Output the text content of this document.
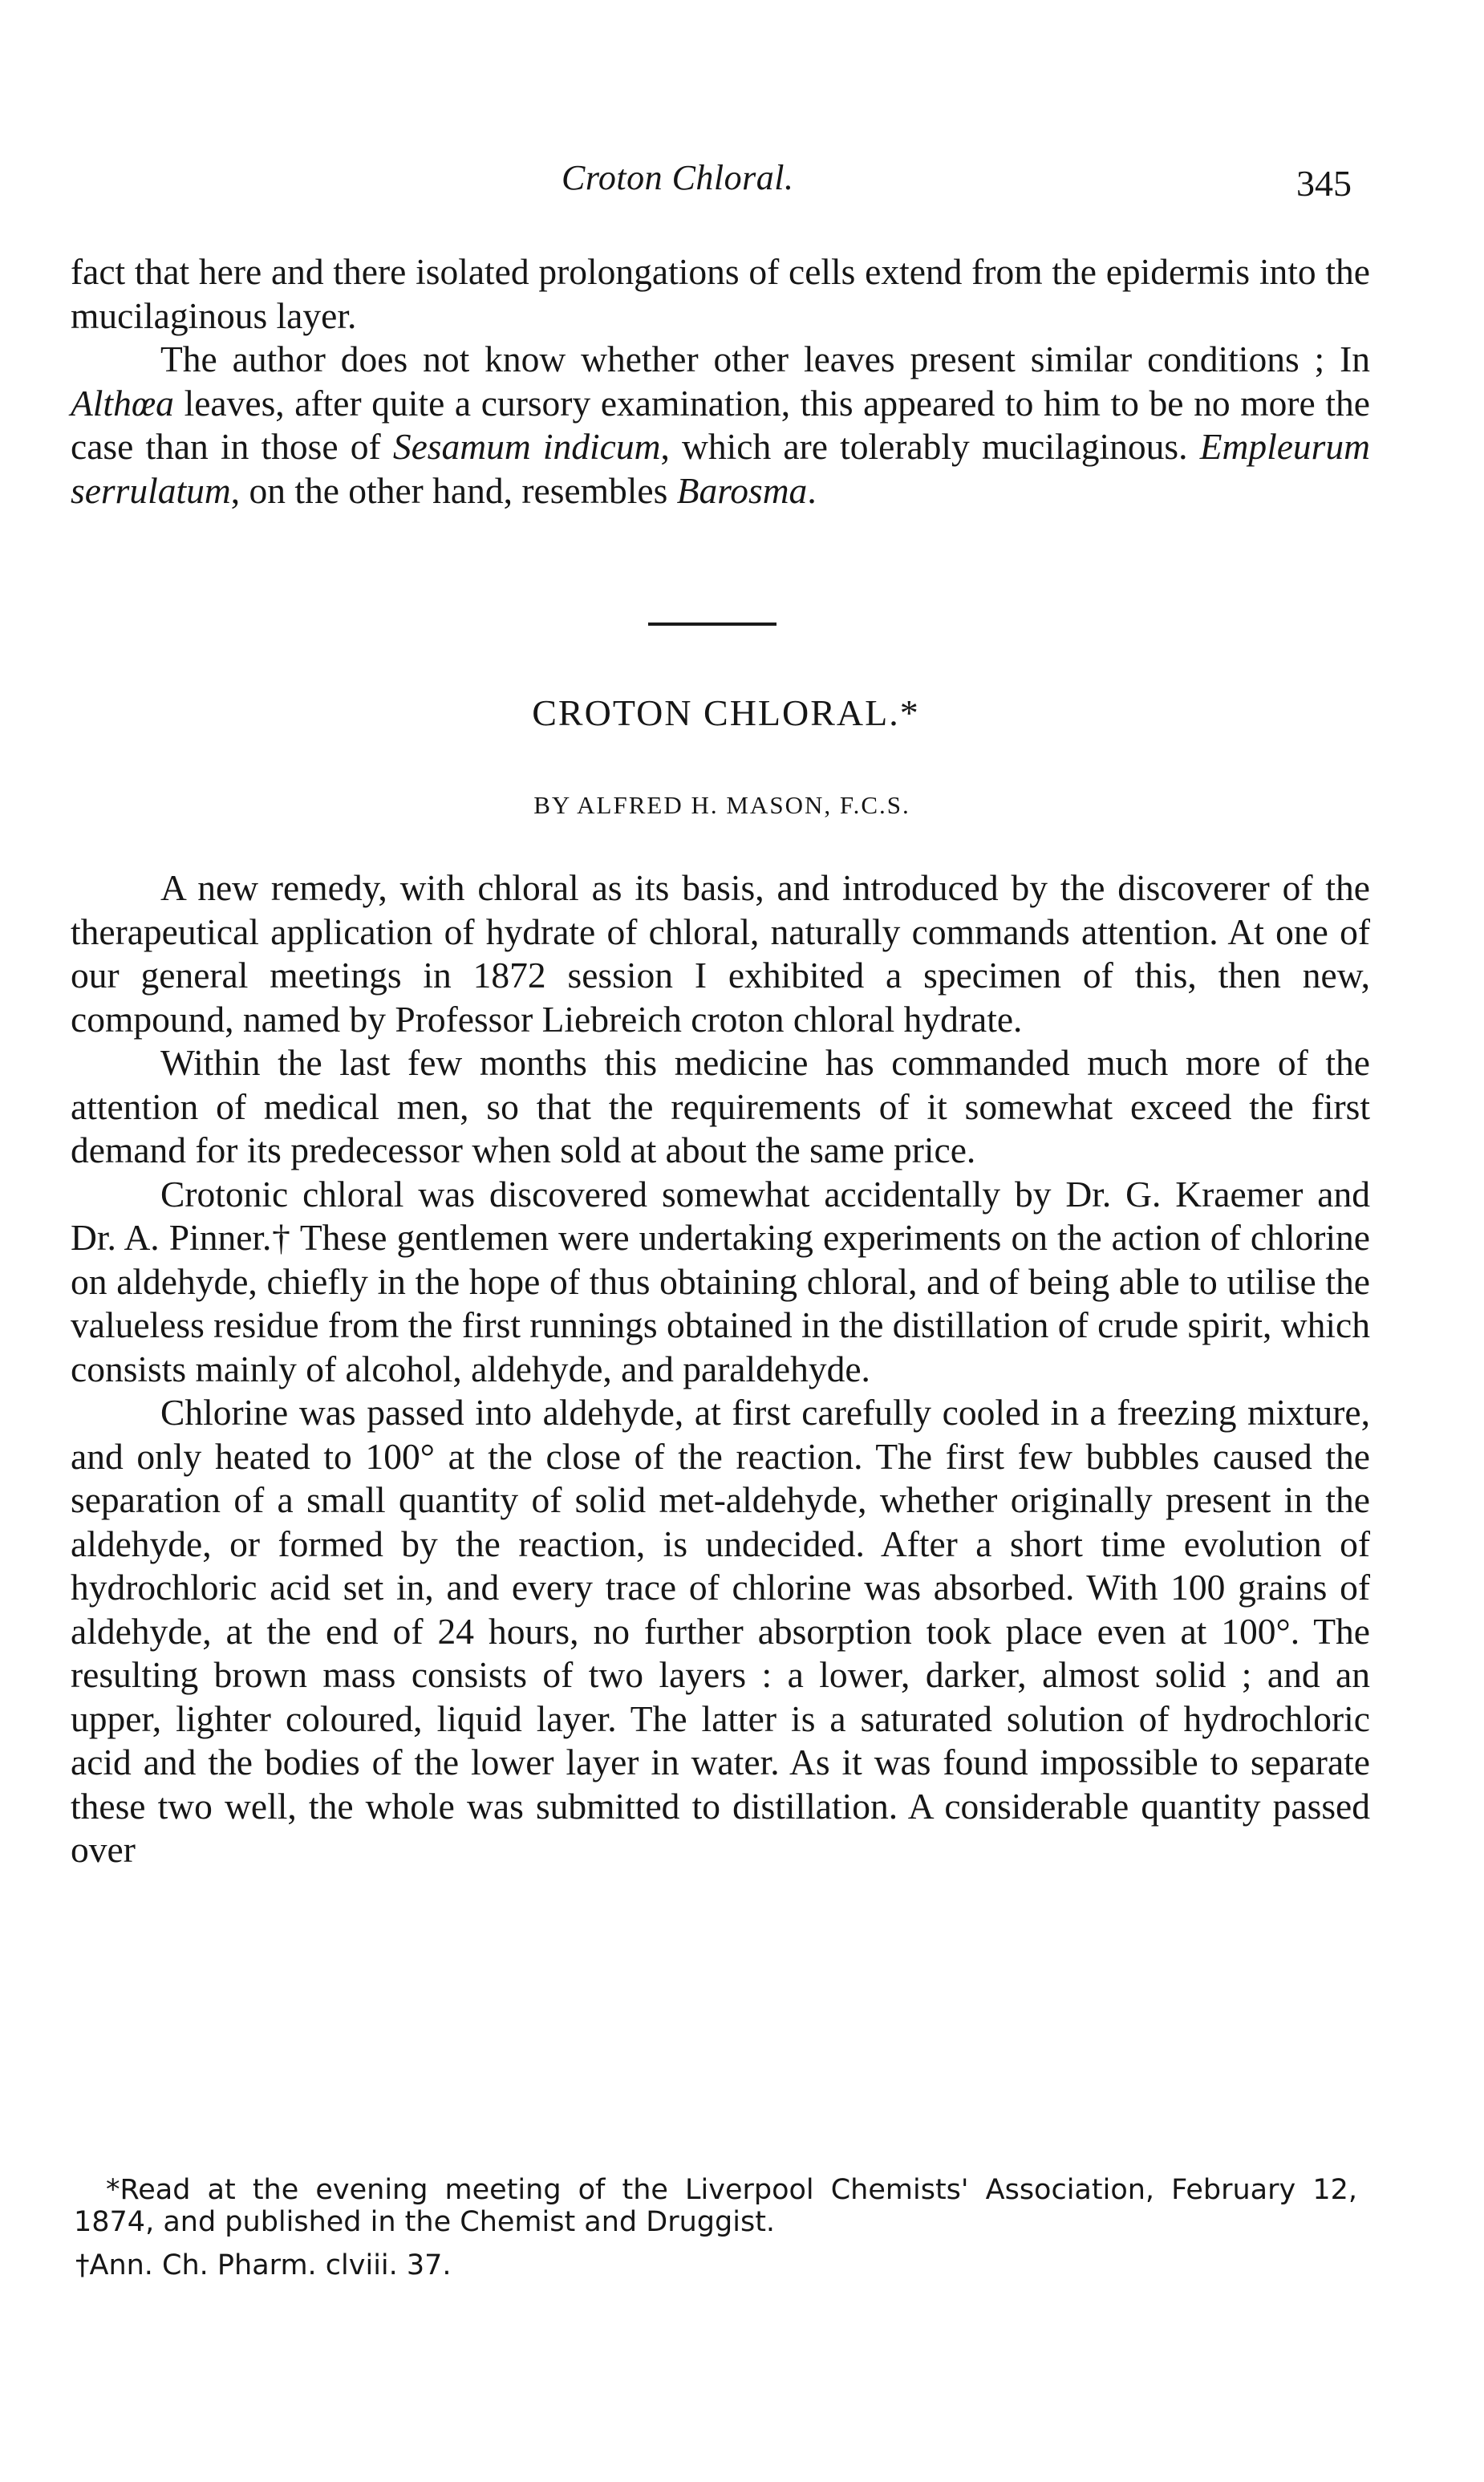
Croton Chloral.	345

fact that here and there isolated prolongations of cells extend from the epidermis into the mucilaginous layer.

The author does not know whether other leaves present similar conditions ; In Althœa leaves, after quite a cursory examination, this appeared to him to be no more the case than in those of Sesamum indicum, which are tolerably mucilaginous. Empleurum serrulatum, on the other hand, resembles Barosma.

CROTON CHLORAL.*
BY ALFRED H. MASON, F.C.S.

A new remedy, with chloral as its basis, and introduced by the discoverer of the therapeutical application of hydrate of chloral, naturally commands attention. At one of our general meetings in 1872 session I exhibited a specimen of this, then new, compound, named by Professor Liebreich croton chloral hydrate.

Within the last few months this medicine has commanded much more of the attention of medical men, so that the requirements of it somewhat exceed the first demand for its predecessor when sold at about the same price.

Crotonic chloral was discovered somewhat accidentally by Dr. G. Kraemer and Dr. A. Pinner.† These gentlemen were undertaking experiments on the action of chlorine on aldehyde, chiefly in the hope of thus obtaining chloral, and of being able to utilise the valueless residue from the first runnings obtained in the distillation of crude spirit, which consists mainly of alcohol, aldehyde, and paraldehyde.

Chlorine was passed into aldehyde, at first carefully cooled in a freezing mixture, and only heated to 100° at the close of the reaction. The first few bubbles caused the separation of a small quantity of solid met-aldehyde, whether originally present in the aldehyde, or formed by the reaction, is undecided. After a short time evolution of hydrochloric acid set in, and every trace of chlorine was absorbed. With 100 grains of aldehyde, at the end of 24 hours, no further absorption took place even at 100°. The resulting brown mass consists of two layers : a lower, darker, almost solid ; and an upper, lighter coloured, liquid layer. The latter is a saturated solution of hydrochloric acid and the bodies of the lower layer in water. As it was found impossible to separate these two well, the whole was submitted to distillation. A considerable quantity passed over

*Read at the evening meeting of the Liverpool Chemists' Association, February 12, 1874, and published in the Chemist and Druggist.

†Ann. Ch. Pharm. clviii. 37.
